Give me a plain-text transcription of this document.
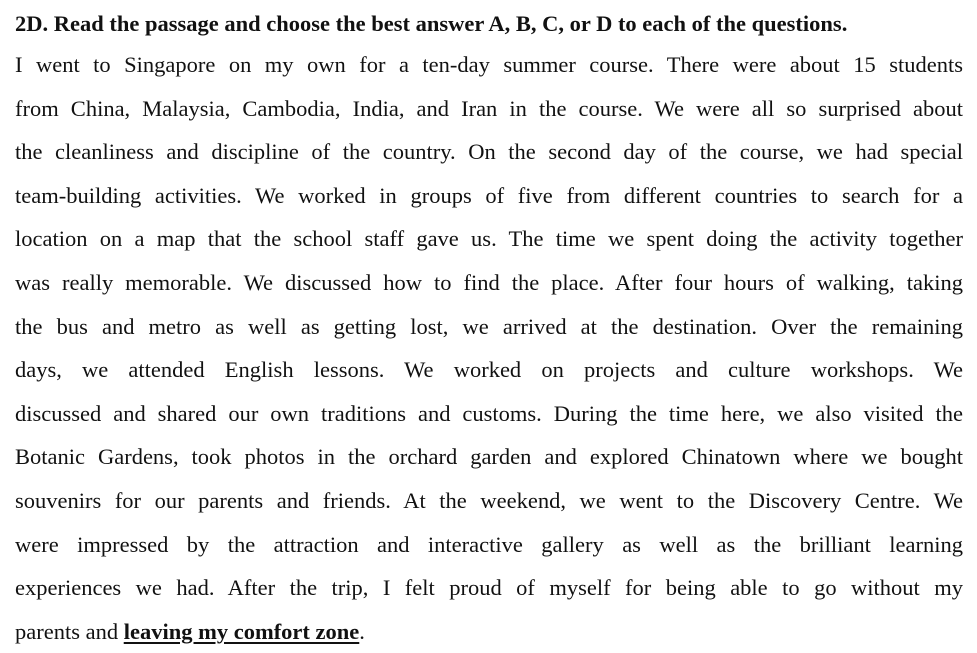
2D. Read the passage and choose the best answer A, B, C, or D to each of the questions.
I went to Singapore on my own for a ten-day summer course. There were about 15 students
from China, Malaysia, Cambodia, India, and Iran in the course. We were all so surprised about
the cleanliness and discipline of the country. On the second day of the course, we had special
team-building activities. We worked in groups of five from different countries to search for a
location on a map that the school staff gave us. The time we spent doing the activity together
was really memorable. We discussed how to find the place. After four hours of walking, taking
the bus and metro as well as getting lost, we arrived at the destination. Over the remaining
days, we attended English lessons. We worked on projects and culture workshops. We
discussed and shared our own traditions and customs. During the time here, we also visited the
Botanic Gardens, took photos in the orchard garden and explored Chinatown where we bought
souvenirs for our parents and friends. At the weekend, we went to the Discovery Centre. We
were impressed by the attraction and interactive gallery as well as the brilliant learning
experiences we had. After the trip, I felt proud of myself for being able to go without my
parents and leaving my comfort zone.
